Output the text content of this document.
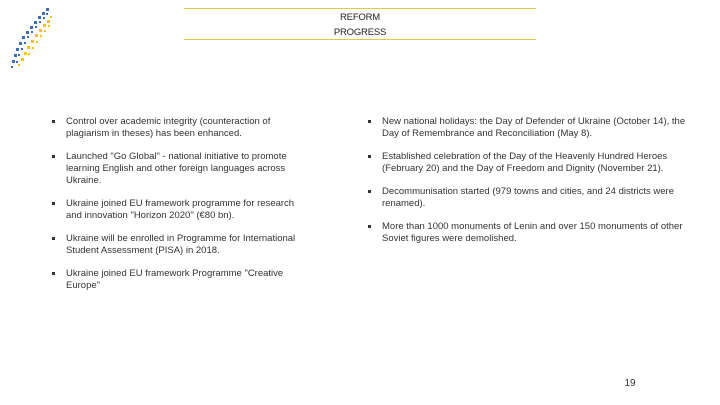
REFORM
PROGRESS
Control over academic integrity (counteraction of plagiarism in theses) has been enhanced.
Launched "Go Global" - national initiative to promote learning English and other foreign languages across Ukraine.
Ukraine joined EU framework programme for research and innovation "Horizon 2020" (€80 bn).
Ukraine will be enrolled in Programme for International Student Assessment (PISA) in 2018.
Ukraine joined EU framework Programme "Creative Europe"
New national holidays: the Day of Defender of Ukraine (October 14), the Day of Remembrance and Reconciliation (May 8).
Established celebration of the Day of the Heavenly Hundred Heroes (February 20) and the Day of Freedom and Dignity (November 21).
Decommunisation started (979 towns and cities, and 24 districts were renamed).
More than 1000 monuments of Lenin and over 150 monuments of other Soviet figures were demolished.
19
